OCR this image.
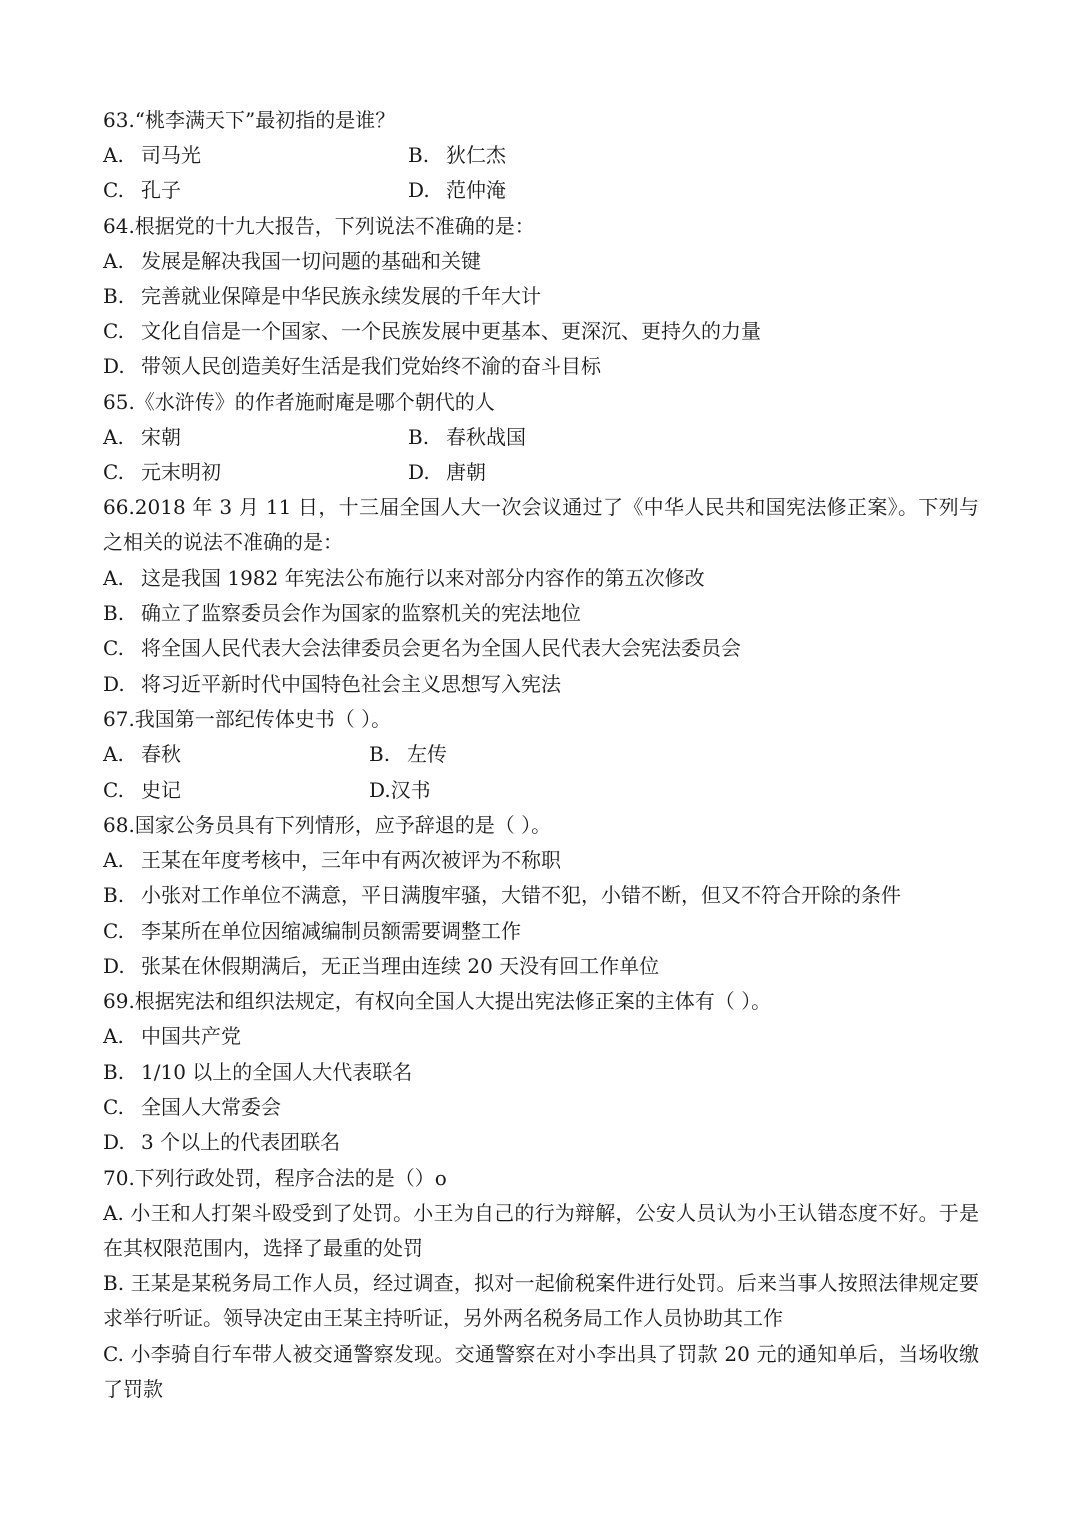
63.“桃李满天下”最初指的是谁？
A. 司马光	B. 狄仁杰
C. 孔子	D. 范仲淹
64.根据党的十九大报告，下列说法不准确的是：
A. 发展是解决我国一切问题的基础和关键
B. 完善就业保障是中华民族永续发展的千年大计
C. 文化自信是一个国家、一个民族发展中更基本、更深沉、更持久的力量
D. 带领人民创造美好生活是我们党始终不渝的奋斗目标
65.《水浒传》的作者施耐庵是哪个朝代的人
A. 宋朝	B. 春秋战国
C. 元末明初	D. 唐朝
66.2018 年 3 月 11 日，十三届全国人大一次会议通过了《中华人民共和国宪法修正案》。下列与之相关的说法不准确的是：
A. 这是我国 1982 年宪法公布施行以来对部分内容作的第五次修改
B. 确立了监察委员会作为国家的监察机关的宪法地位
C. 将全国人民代表大会法律委员会更名为全国人民代表大会宪法委员会
D. 将习近平新时代中国特色社会主义思想写入宪法
67.我国第一部纪传体史书（ ）。
A. 春秋	B. 左传
C. 史记	D.汉书
68.国家公务员具有下列情形，应予辞退的是（ ）。
A. 王某在年度考核中，三年中有两次被评为不称职
B. 小张对工作单位不满意，平日满腹牢骚，大错不犯，小错不断，但又不符合开除的条件
C. 李某所在单位因缩减编制员额需要调整工作
D. 张某在休假期满后，无正当理由连续 20 天没有回工作单位
69.根据宪法和组织法规定，有权向全国人大提出宪法修正案的主体有（ ）。
A. 中国共产党
B. 1/10 以上的全国人大代表联名
C. 全国人大常委会
D. 3 个以上的代表团联名
70.下列行政处罚，程序合法的是（）o
A. 小王和人打架斗殴受到了处罚。小王为自己的行为辩解，公安人员认为小王认错态度不好。于是在其权限范围内，选择了最重的处罚
B. 王某是某税务局工作人员，经过调查，拟对一起偷税案件进行处罚。后来当事人按照法律规定要求举行听证。领导决定由王某主持听证，另外两名税务局工作人员协助其工作
C. 小李骑自行车带人被交通警察发现。交通警察在对小李出具了罚款 20 元的通知单后，当场收缴了罚款
